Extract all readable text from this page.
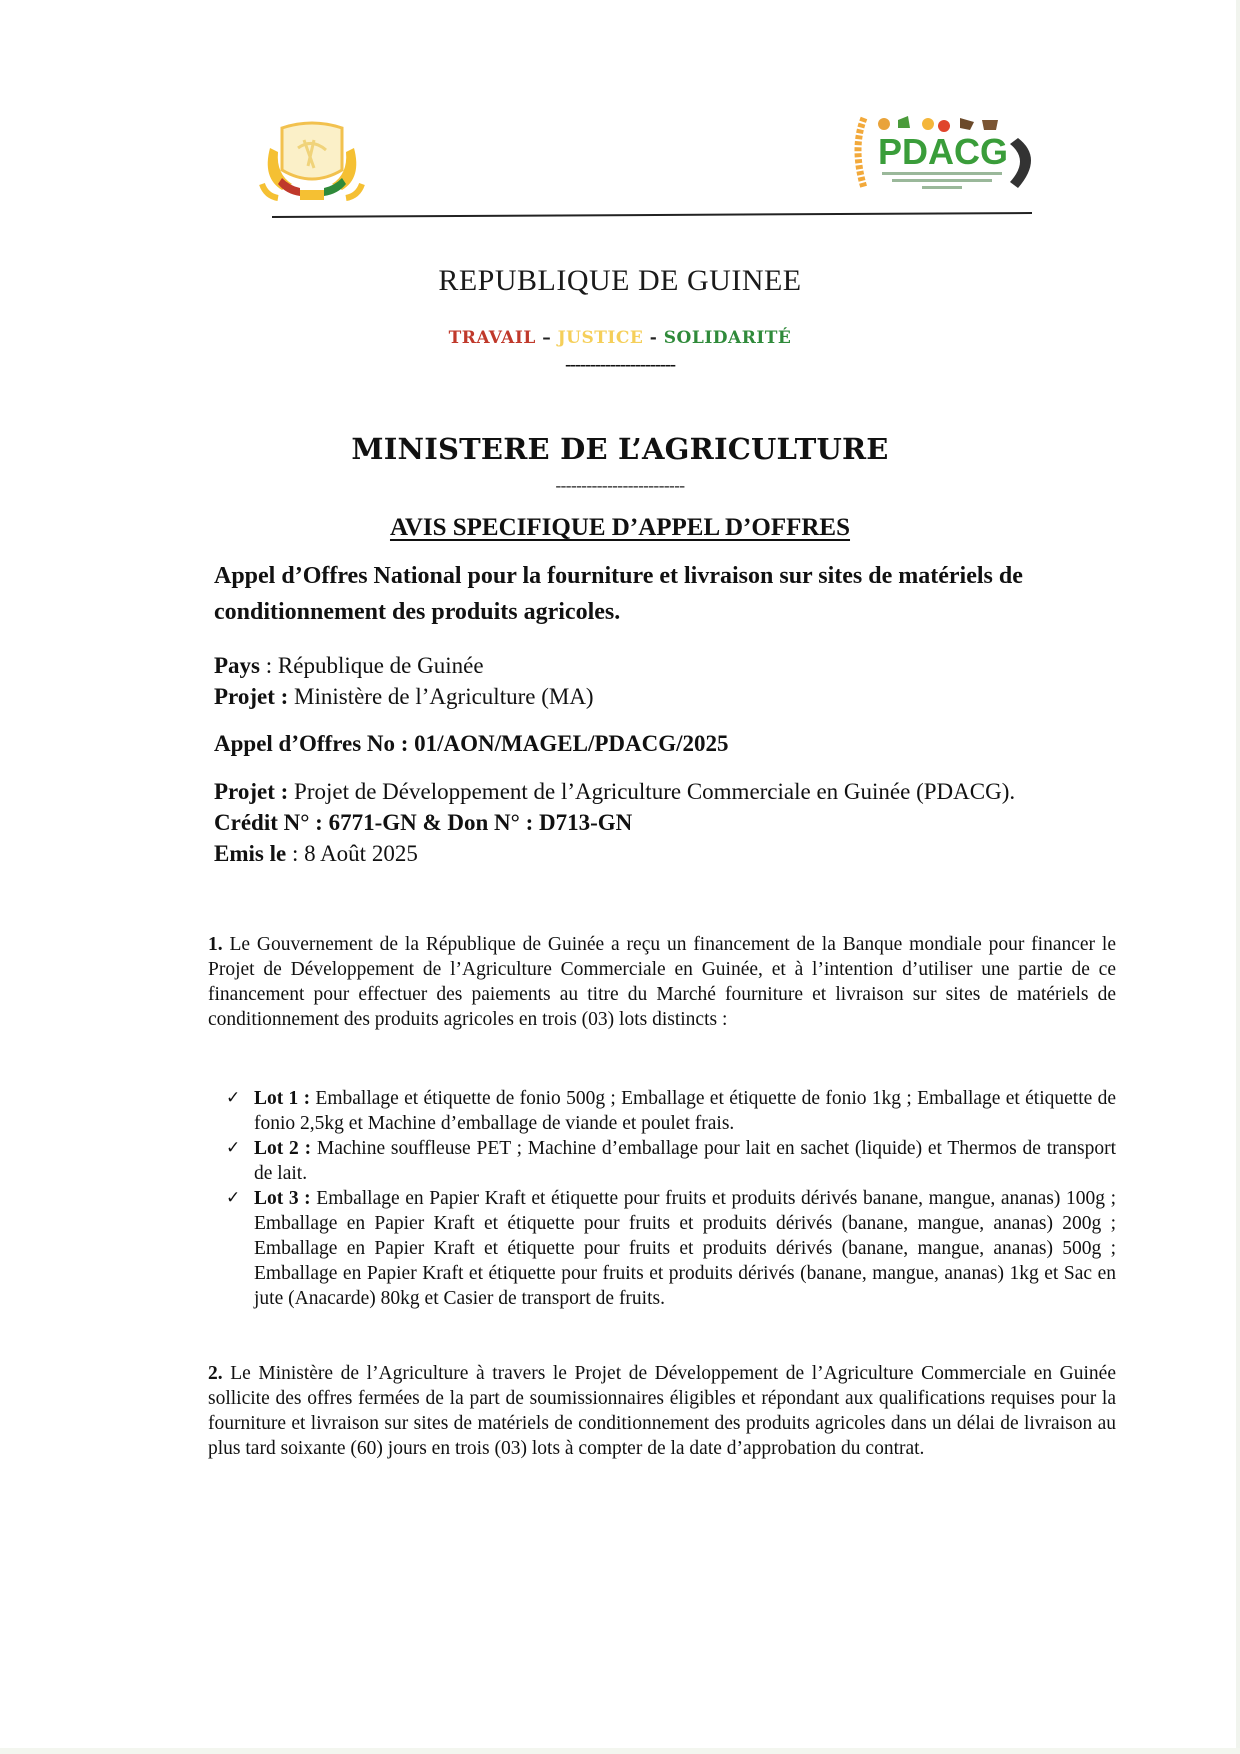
PDACG
REPUBLIQUE DE GUINEE
TRAVAIL – JUSTICE - SOLIDARITÉ
----------------------
MINISTERE DE L’AGRICULTURE
-------------------------
AVIS SPECIFIQUE D’APPEL D’OFFRES
Appel d’Offres National pour la fourniture et livraison sur sites de matériels de conditionnement des produits agricoles.
Pays : République de Guinée
Projet : Ministère de l’Agriculture (MA)
Appel d’Offres No : 01/AON/MAGEL/PDACG/2025
Projet : Projet de Développement de l’Agriculture Commerciale en Guinée (PDACG).
Crédit N° : 6771-GN & Don N° : D713-GN
Emis le : 8 Août 2025
1. Le Gouvernement de la République de Guinée a reçu un financement de la Banque mondiale pour financer le Projet de Développement de l’Agriculture Commerciale en Guinée, et à l’intention d’utiliser une partie de ce financement pour effectuer des paiements au titre du Marché fourniture et livraison sur sites de matériels de conditionnement des produits agricoles en trois (03) lots distincts :
✓ Lot 1 : Emballage et étiquette de fonio 500g ; Emballage et étiquette de fonio 1kg ; Emballage et étiquette de fonio 2,5kg et Machine d’emballage de viande et poulet frais.
✓ Lot 2 : Machine souffleuse PET ; Machine d’emballage pour lait en sachet (liquide) et Thermos de transport de lait.
✓ Lot 3 : Emballage en Papier Kraft et étiquette pour fruits et produits dérivés banane, mangue, ananas) 100g ; Emballage en Papier Kraft et étiquette pour fruits et produits dérivés (banane, mangue, ananas) 200g ; Emballage en Papier Kraft et étiquette pour fruits et produits dérivés (banane, mangue, ananas) 500g ; Emballage en Papier Kraft et étiquette pour fruits et produits dérivés (banane, mangue, ananas) 1kg et Sac en jute (Anacarde) 80kg et Casier de transport de fruits.
2. Le Ministère de l’Agriculture à travers le Projet de Développement de l’Agriculture Commerciale en Guinée sollicite des offres fermées de la part de soumissionnaires éligibles et répondant aux qualifications requises pour la fourniture et livraison sur sites de matériels de conditionnement des produits agricoles dans un délai de livraison au plus tard soixante (60) jours en trois (03) lots à compter de la date d’approbation du contrat.
